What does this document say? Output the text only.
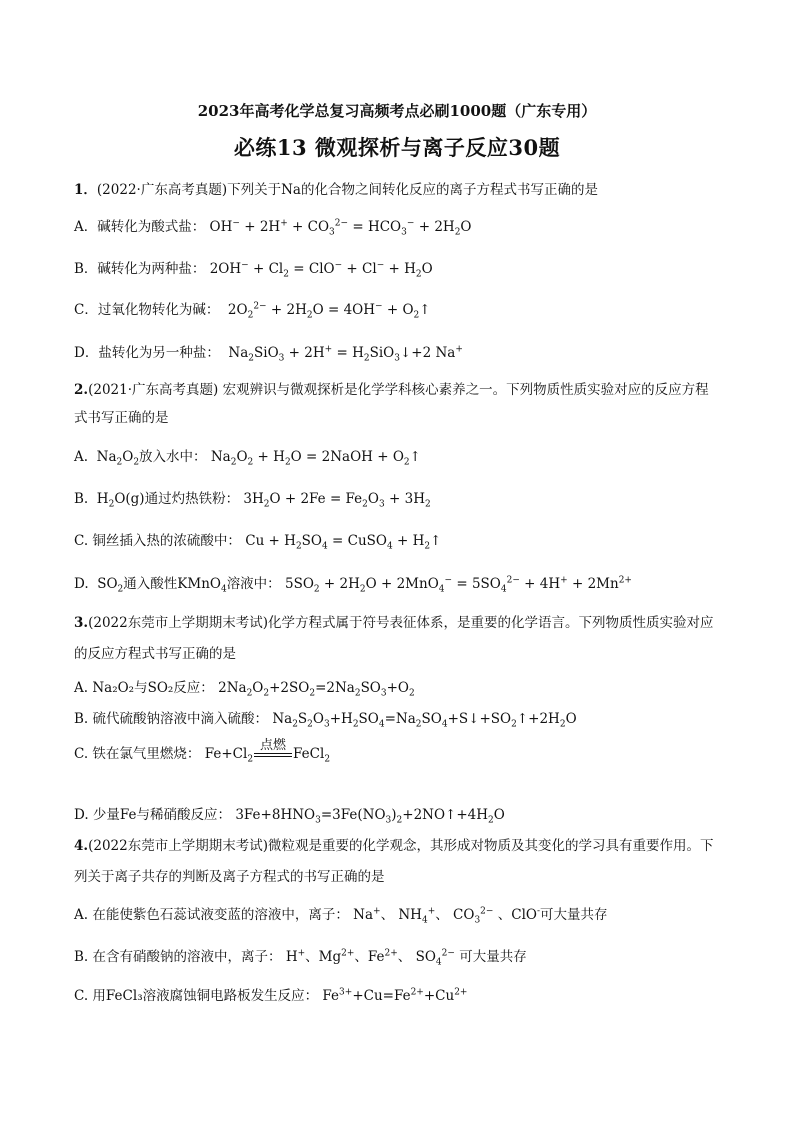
2023年高考化学总复习高频考点必刷1000题（广东专用）
必练13 微观探析与离子反应30题
1．(2022·广东高考真题)下列关于Na的化合物之间转化反应的离子方程式书写正确的是
A．碱转化为酸式盐： $OH^- + 2H^+ + CO_3^{2-} = HCO_3^- + 2H_2O$
B．碱转化为两种盐： $2OH^- + Cl_2 = ClO^- + Cl^- + H_2O$
C．过氧化物转化为碱：  $2O_2^{2-} + 2H_2O = 4OH^-$ + $O_2↑$
D．盐转化为另一种盐：  $Na_2SiO_3 + 2H^+$ = $H_2SiO_3↓+2$ Na+
2.(2021·广东高考真题) 宏观辨识与微观探析是化学学科核心素养之一。下列物质性质实验对应的反应方程
式书写正确的是
A.  $Na_2O_2$放入水中： $Na_2O_2 + H_2O$ = 2NaOH + $O_2↑$
B.  $H_2O(g)$通过灼热铁粉： $3H_2O + 2Fe = Fe_2O_3 + 3H_2$
C. 铜丝插入热的浓硫酸中： $Cu + H_2SO_4$ = CuSO$_4$ + $H_2↑$
D.  $SO_2$通入酸性KMnO$_4$溶液中： $5SO_2 + 2H_2O + 2MnO_4^- = 5SO_4^{2-} + 4H^+ + 2Mn^{2+}$
3.(2022东莞市上学期期末考试)化学方程式属于符号表征体系，是重要的化学语言。下列物质性质实验对应
的反应方程式书写正确的是
A. Na₂O₂与SO₂反应： $2Na_2O_2+2SO_2=2Na_2SO_3+O_2$
B. 硫代硫酸钠溶液中滴入硫酸： $Na_2S_2O_3+H_2SO_4=Na_2SO_4+S↓+SO_2↑+2H_2O$
C. 铁在氯气里燃烧： $Fe+Cl_2$
点燃
FeCl$_2$
D. 少量Fe与稀硝酸反应： $3Fe+8HNO_3=3Fe(NO_3)_2+2NO↑+4H_2O$
4.(2022东莞市上学期期末考试)微粒观是重要的化学观念，其形成对物质及其变化的学习具有重要作用。下
列关于离子共存的判断及离子方程式的书写正确的是
A. 在能使紫色石蕊试液变蓝的溶液中，离子： Na+、 $NH_4^+$、 $CO_3^{2-}$ 、ClO-可大量共存
B. 在含有硝酸钠的溶液中，离子： H+、$Mg^{2+}$、$Fe^{2+}$、 $SO_4^{2-}$ 可大量共存
C. 用FeCl₃溶液腐蚀铜电路板发生反应： $Fe^{3+}+Cu=Fe^{2+}+Cu^{2+}$
